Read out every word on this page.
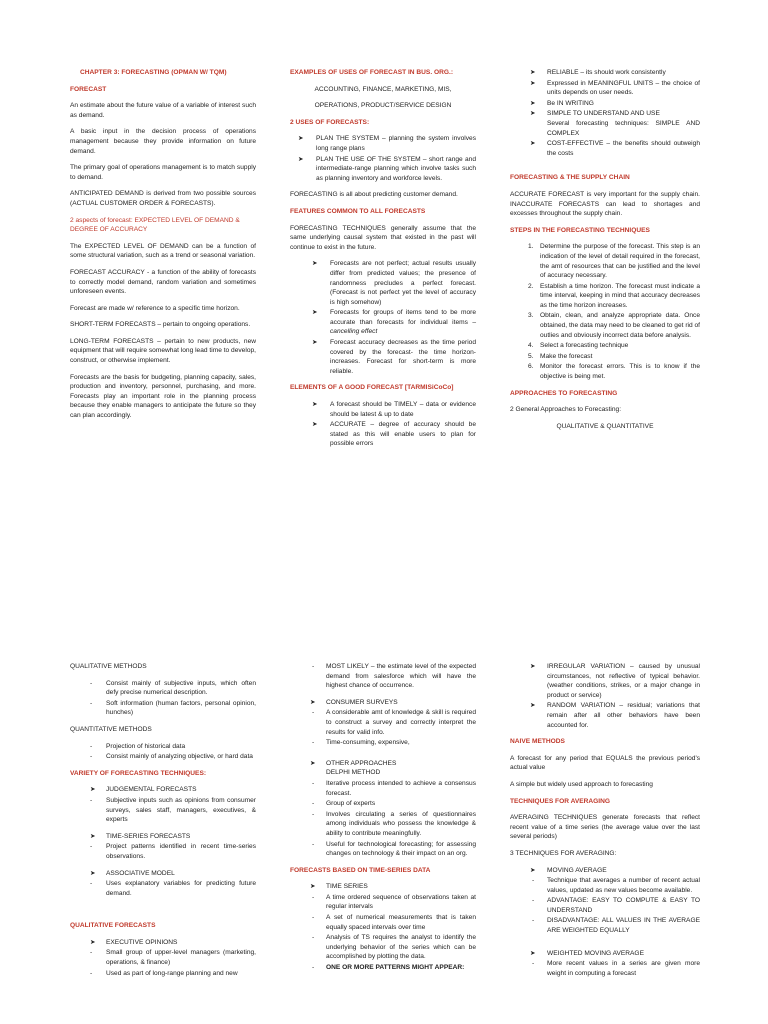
CHAPTER 3: FORECASTING (OPMAN W/ TQM)
FORECAST

An estimate about the future value of a variable of interest such as demand.

A basic input in the decision process of operations management because they provide information on future demand.

The primary goal of operations management is to match supply to demand.

ANTICIPATED DEMAND is derived from two possible sources (ACTUAL CUSTOMER ORDER & FORECASTS).

2 aspects of forecast: EXPECTED LEVEL OF DEMAND & DEGREE OF ACCURACY

The EXPECTED LEVEL OF DEMAND can be a function of some structural variation, such as a trend or seasonal variation.

FORECAST ACCURACY - a function of the ability of forecasts to correctly model demand, random variation and sometimes unforeseen events.

Forecast are made w/ reference to a specific time horizon.

SHORT-TERM FORECASTS – pertain to ongoing operations.

LONG-TERM FORECASTS – pertain to new products, new equipment that will require somewhat long lead time to develop, construct, or otherwise implement.

Forecasts are the basis for budgeting, planning capacity, sales, production and inventory, personnel, purchasing, and more. Forecasts play an important role in the planning process because they enable managers to anticipate the future so they can plan accordingly.

EXAMPLES OF USES OF FORECAST IN BUS. ORG.:

ACCOUNTING, FINANCE, MARKETING, MIS,

OPERATIONS, PRODUCT/SERVICE DESIGN

2 USES OF FORECASTS:
➤ PLAN THE SYSTEM – planning the system involves long range plans
➤ PLAN THE USE OF THE SYSTEM – short range and intermediate-range planning which involve tasks such as planning inventory and workforce levels.

FORECASTING is all about predicting customer demand.

FEATURES COMMON TO ALL FORECASTS

FORECASTING TECHNIQUES generally assume that the same underlying causal system that existed in the past will continue to exist in the future.

➤ Forecasts are not perfect; actual results usually differ from predicted values; the presence of randomness precludes a perfect forecast. (Forecast is not perfect yet the level of accuracy is high somehow)
➤ Forecasts for groups of items tend to be more accurate than forecasts for individual items – cancelling effect
➤ Forecast accuracy decreases as the time period covered by the forecast- the time horizon-increases. Forecast for short-term is more reliable.
ELEMENTS OF A GOOD FORECAST [TARMISiCoCo]
➤ A forecast should be TIMELY – data or evidence should be latest & up to date
➤ ACCURATE – degree of accuracy should be stated as this will enable users to plan for possible errors
➤ RELIABLE – its should work consistently
➤ Expressed in MEANINGFUL UNITS – the choice of units depends on user needs.
➤ Be IN WRITING
➤ SIMPLE TO UNDERSTAND AND USE
Several forecasting techniques: SIMPLE AND COMPLEX
➤ COST-EFFECTIVE – the benefits should outweigh the costs
FORECASTING & THE SUPPLY CHAIN

ACCURATE FORECAST is very important for the supply chain. INACCURATE FORECASTS can lead to shortages and excesses throughout the supply chain.

STEPS IN THE FORECASTING TECHNIQUES
1. Determine the purpose of the forecast. This step is an indication of the level of detail required in the forecast, the amt of resources that can be justified and the level of accuracy necessary.
2. Establish a time horizon. The forecast must indicate a time interval, keeping in mind that accuracy decreases as the time horizon increases.
3. Obtain, clean, and analyze appropriate data. Once obtained, the data may need to be cleaned to get rid of outlies and obviously incorrect data before analysis.
4. Select a forecasting technique
5. Make the forecast
6. Monitor the forecast errors. This is to know if the objective is being met.
APPROACHES TO FORECASTING

2 General Approaches to Forecasting:

QUALITATIVE & QUANTITATIVE

QUALITATIVE METHODS

- Consist mainly of subjective inputs, which often defy precise numerical description.
- Soft information (human factors, personal opinion, hunches)

QUANTITATIVE METHODS

- Projection of historical data
- Consist mainly of analyzing objective, or hard data
VARIETY OF FORECASTING TECHNIQUES:
➤ JUDGEMENTAL FORECASTS
- Subjective inputs such as opinions from consumer surveys, sales staff, managers, executives, & experts
➤ TIME-SERIES FORECASTS
- Project patterns identified in recent time-series observations.
➤ ASSOCIATIVE MODEL
- Uses explanatory variables for predicting future demand.
QUALITATIVE FORECASTS
➤ EXECUTIVE OPINIONS
- Small group of upper-level managers (marketing, operations, & finance)
- Used as part of long-range planning and new
- MOST LIKELY – the estimate level of the expected demand from salesforce which will have the highest chance of occurrence.
➤ CONSUMER SURVEYS
- A considerable amt of knowledge & skill is required to construct a survey and correctly interpret the results for valid info.
- Time-consuming, expensive,
➤ OTHER APPROACHES
DELPHI METHOD
- Iterative process intended to achieve a consensus forecast.
- Group of experts
- Involves circulating a series of questionnaires among individuals who possess the knowledge & ability to contribute meaningfully.
- Useful for technological forecasting; for assessing changes on technology & their impact on an org.
FORECASTS BASED ON TIME-SERIES DATA
➤ TIME SERIES
- A time ordered sequence of observations taken at regular intervals
- A set of numerical measurements that is taken equally spaced intervals over time
- Analysis of TS requires the analyst to identify the underlying behavior of the series which can be accomplished by plotting the data.
- ONE OR MORE PATTERNS MIGHT APPEAR:
➤ IRREGULAR VARIATION – caused by unusual circumstances, not reflective of typical behavior. (weather conditions, strikes, or a major change in product or service)
➤ RANDOM VARIATION – residual; variations that remain after all other behaviors have been accounted for.
NAIVE METHODS

A forecast for any period that EQUALS the previous period's actual value

A simple but widely used approach to forecasting

TECHNIQUES FOR AVERAGING

AVERAGING TECHNIQUES generate forecasts that reflect recent value of a time series (the average value over the last several periods)

3 TECHNIQUES FOR AVERAGING:

➤ MOVING AVERAGE
- Technique that averages a number of recent actual values, updated as new values become available.
- ADVANTAGE: EASY TO COMPUTE & EASY TO UNDERSTAND
- DISADVANTAGE: ALL VALUES IN THE AVERAGE ARE WEIGHTED EQUALLY
➤ WEIGHTED MOVING AVERAGE
- More recent values in a series are given more weight in computing a forecast
